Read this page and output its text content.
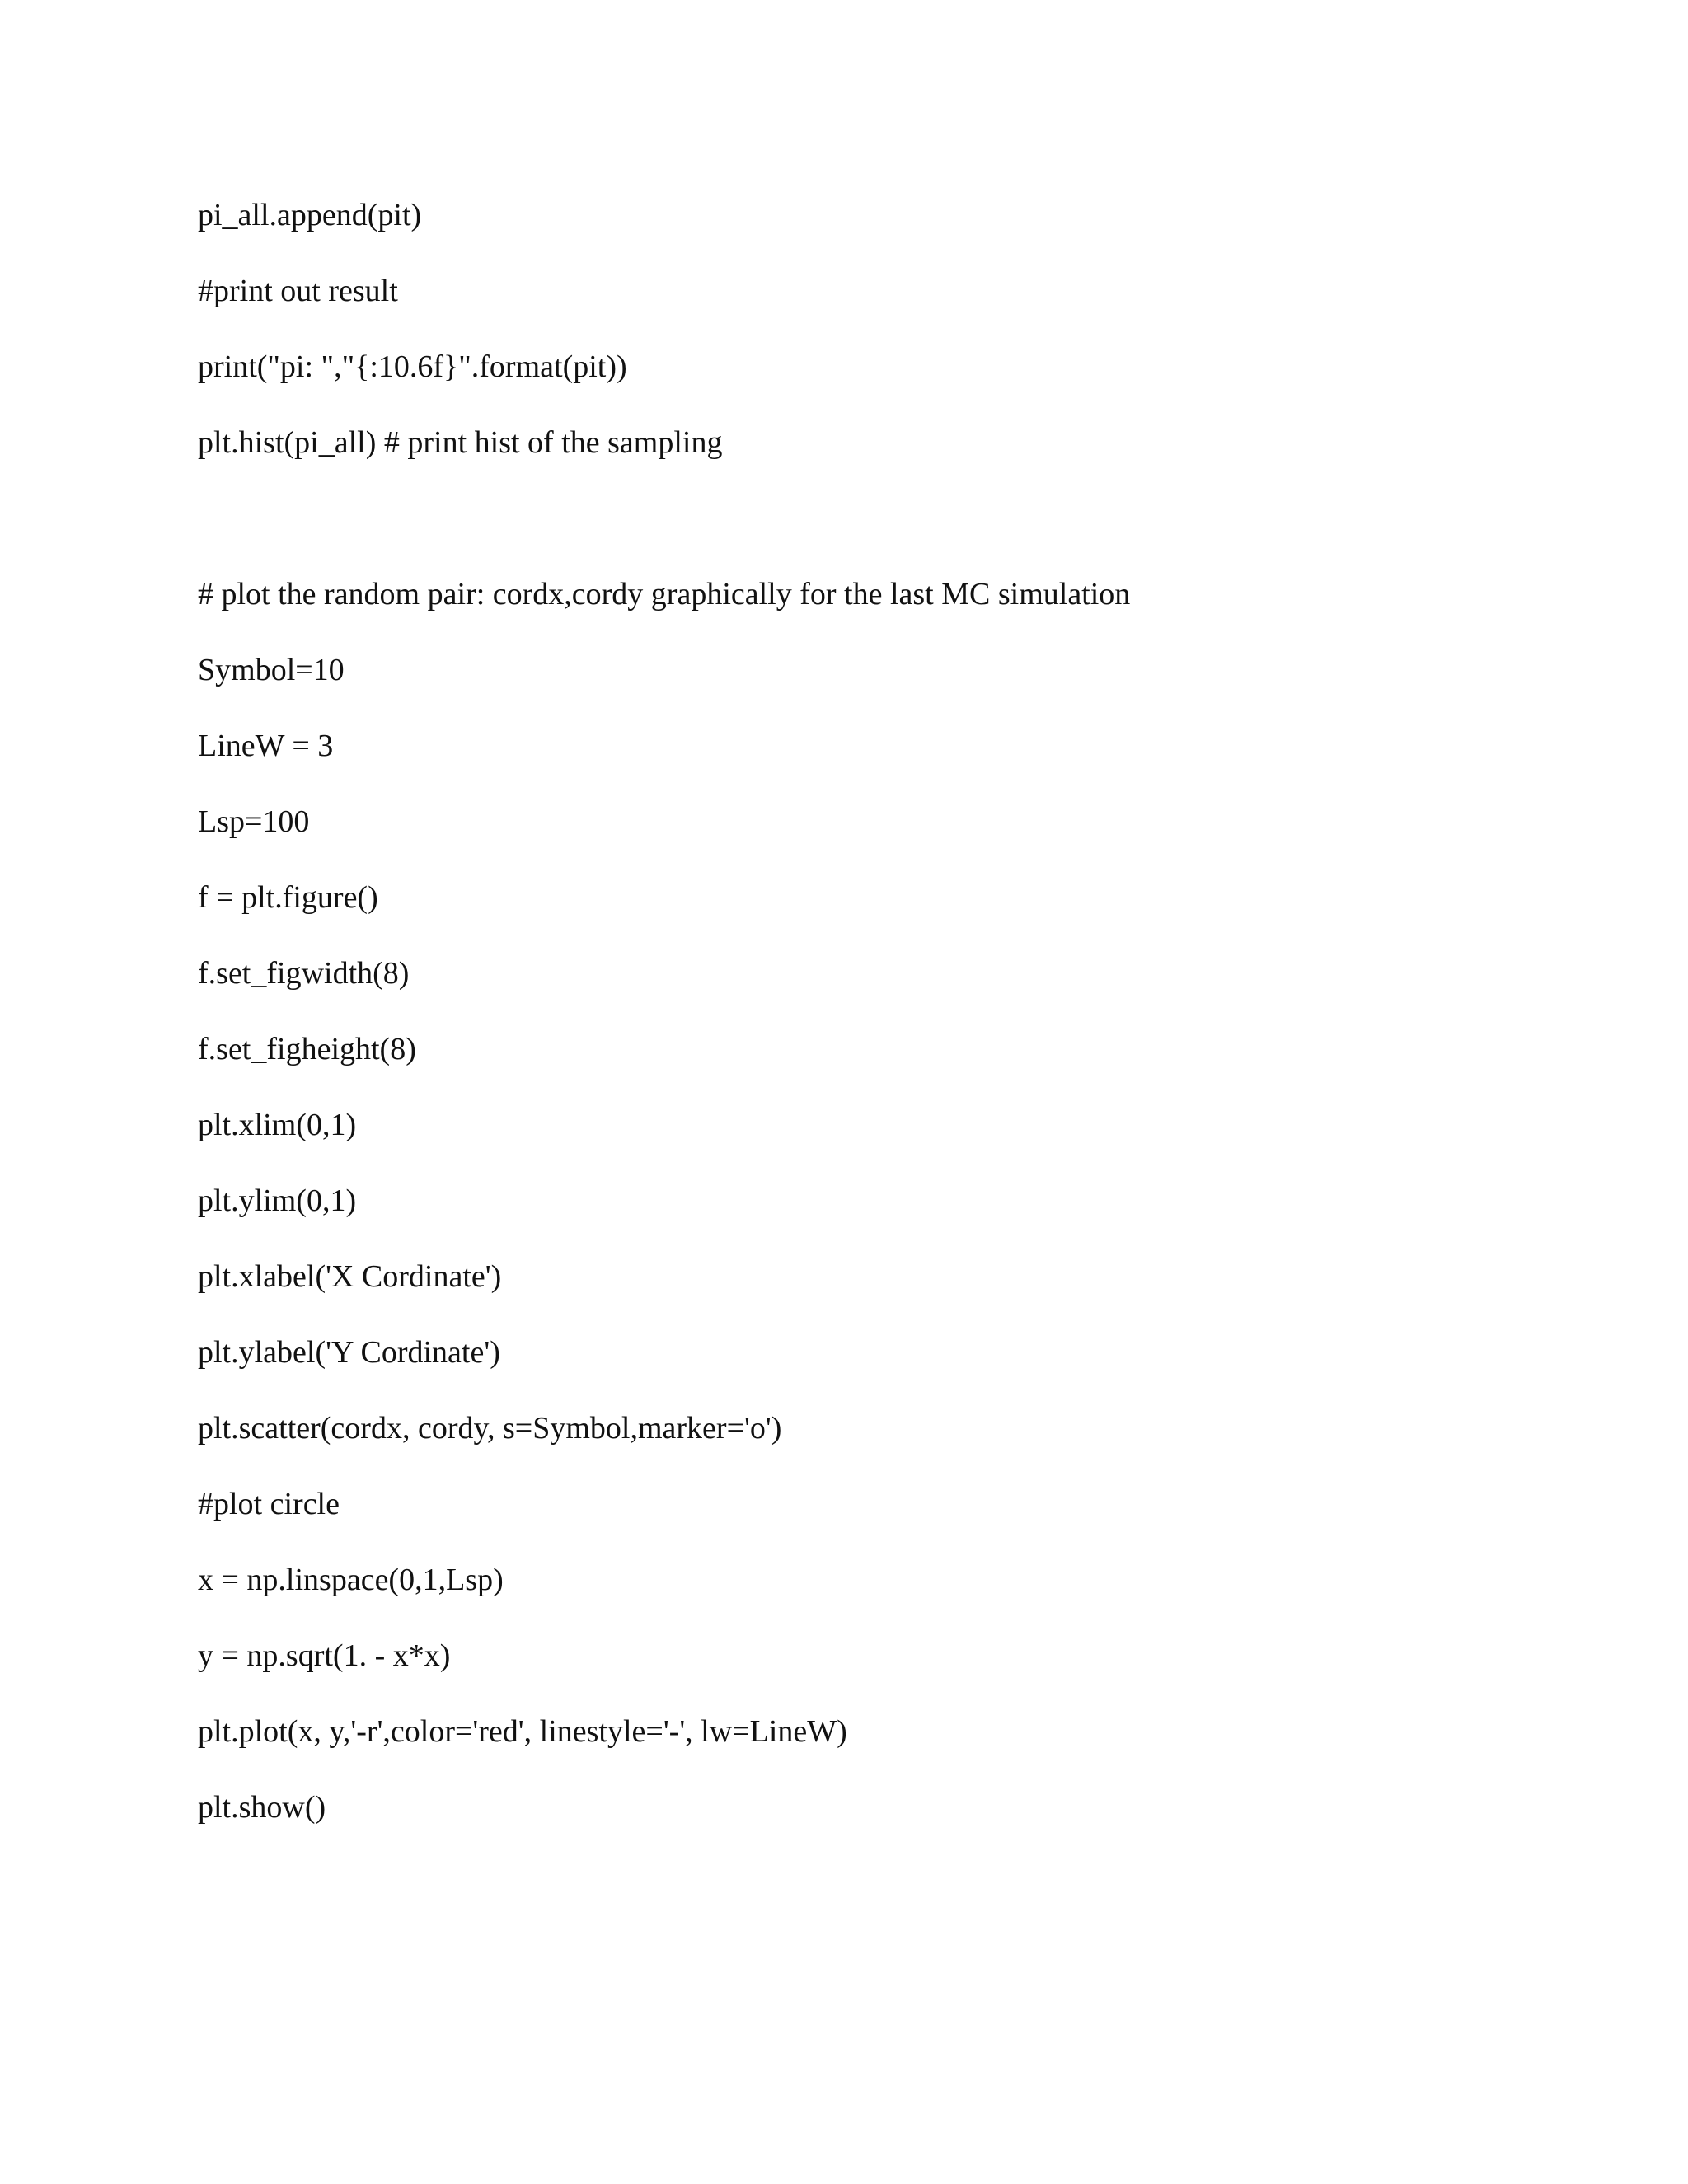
pi_all.append(pit)
#print out result
print("pi: ","{:10.6f}".format(pit))
plt.hist(pi_all) # print hist of the sampling
# plot the random pair: cordx,cordy graphically for the last MC simulation
Symbol=10
LineW = 3
Lsp=100
f = plt.figure()
f.set_figwidth(8)
f.set_figheight(8)
plt.xlim(0,1)
plt.ylim(0,1)
plt.xlabel('X Cordinate')
plt.ylabel('Y Cordinate')
plt.scatter(cordx, cordy, s=Symbol,marker='o')
#plot circle
x = np.linspace(0,1,Lsp)
y = np.sqrt(1. - x*x)
plt.plot(x, y,'-r',color='red', linestyle='-', lw=LineW)
plt.show()
